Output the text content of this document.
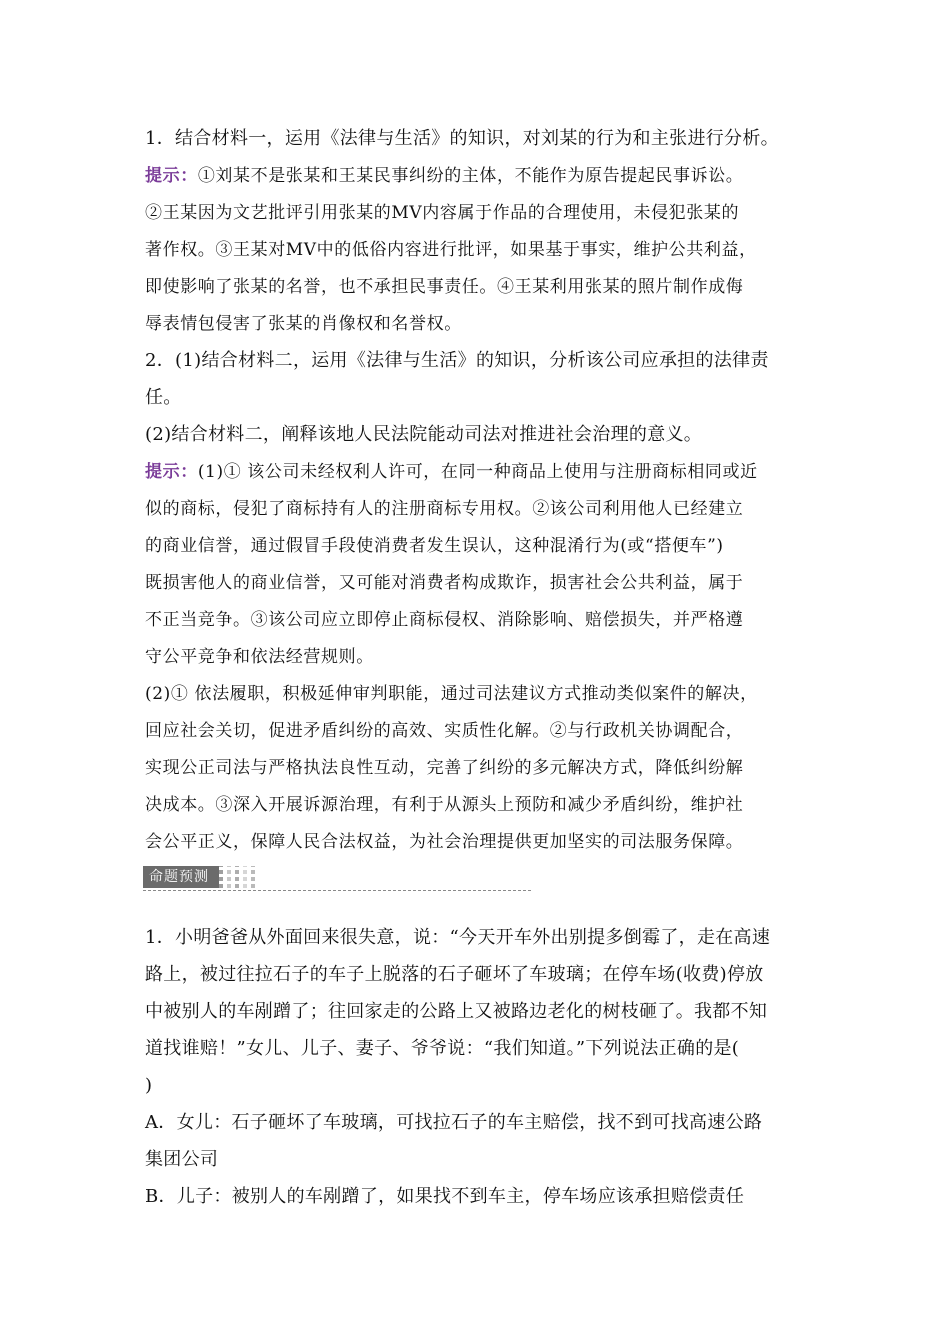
1．结合材料一，运用《法律与生活》的知识，对刘某的行为和主张进行分析。
提示：①刘某不是张某和王某民事纠纷的主体，不能作为原告提起民事诉讼。
②王某因为文艺批评引用张某的MV内容属于作品的合理使用，未侵犯张某的
著作权。③王某对MV中的低俗内容进行批评，如果基于事实，维护公共利益，
即使影响了张某的名誉，也不承担民事责任。④王某利用张某的照片制作成侮
辱表情包侵害了张某的肖像权和名誉权。
2．(1)结合材料二，运用《法律与生活》的知识，分析该公司应承担的法律责
任。
(2)结合材料二，阐释该地人民法院能动司法对推进社会治理的意义。
提示：(1)① 该公司未经权利人许可，在同一种商品上使用与注册商标相同或近
似的商标，侵犯了商标持有人的注册商标专用权。②该公司利用他人已经建立
的商业信誉，通过假冒手段使消费者发生误认，这种混淆行为(或“搭便车”)
既损害他人的商业信誉，又可能对消费者构成欺诈，损害社会公共利益，属于
不正当竞争。③该公司应立即停止商标侵权、消除影响、赔偿损失，并严格遵
守公平竞争和依法经营规则。
(2)① 依法履职，积极延伸审判职能，通过司法建议方式推动类似案件的解决，
回应社会关切，促进矛盾纠纷的高效、实质性化解。②与行政机关协调配合，
实现公正司法与严格执法良性互动，完善了纠纷的多元解决方式，降低纠纷解
决成本。③深入开展诉源治理，有利于从源头上预防和减少矛盾纠纷，维护社
会公平正义，保障人民合法权益，为社会治理提供更加坚实的司法服务保障。
命题预测
1．小明爸爸从外面回来很失意，说：“今天开车外出别提多倒霉了，走在高速
路上，被过往拉石子的车子上脱落的石子砸坏了车玻璃；在停车场(收费)停放
中被别人的车剐蹭了；往回家走的公路上又被路边老化的树枝砸了。我都不知
道找谁赔！”女儿、儿子、妻子、爷爷说：“我们知道。”下列说法正确的是(
)
A．女儿：石子砸坏了车玻璃，可找拉石子的车主赔偿，找不到可找高速公路
集团公司
B．儿子：被别人的车剐蹭了，如果找不到车主，停车场应该承担赔偿责任
